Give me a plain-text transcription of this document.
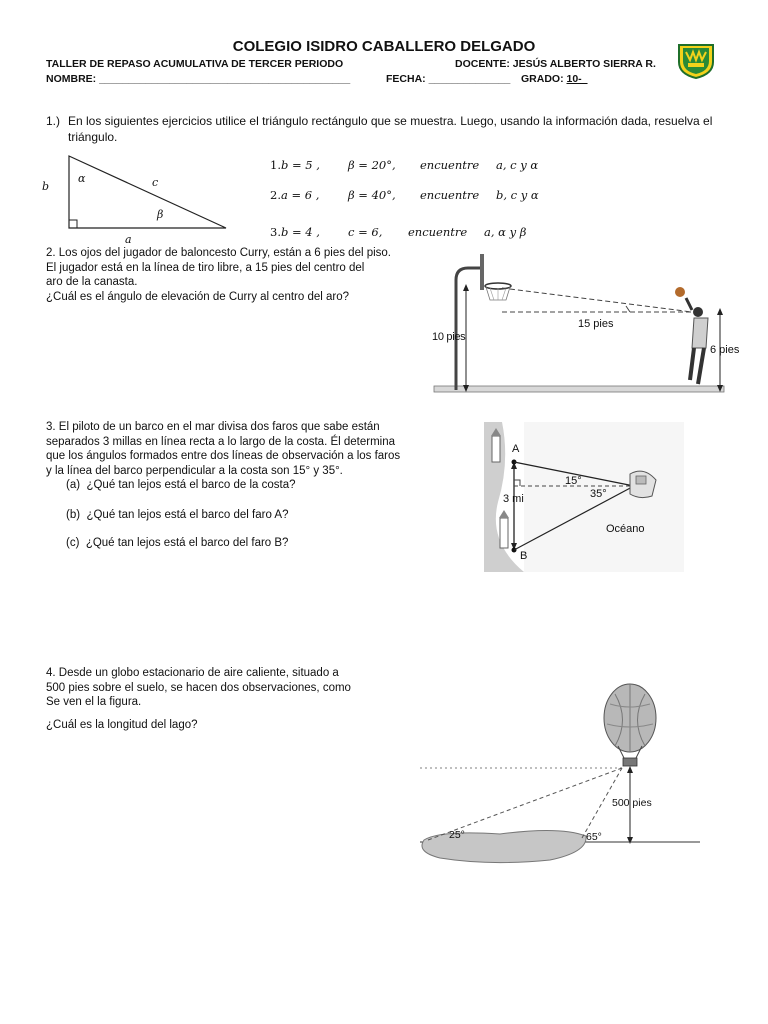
COLEGIO ISIDRO CABALLERO DELGADO
TALLER DE REPASO ACUMULATIVA DE TERCER PERIODO	DOCENTE: JESÚS ALBERTO SIERRA R.
NOMBRE: ___________________________________________	FECHA: ______________ GRADO: 10-_
1.) En los siguientes ejercicios utilice el triángulo rectángulo que se muestra. Luego, usando la información dada, resuelva el triángulo.
α	c
b
β
a
1.b = 5 , β = 20°, encuentre a, c y α
2.a = 6 , β = 40°, encuentre b, c y α
3.b = 4 , c = 6, encuentre a, α y β
2. Los ojos del jugador de baloncesto Curry, están a 6 pies del piso.
El jugador está en la línea de tiro libre, a 15 pies del centro del
aro de la canasta.
¿Cuál es el ángulo de elevación de Curry al centro del aro?
10 pies
15 pies
6 pies
3. El piloto de un barco en el mar divisa dos faros que sabe están
separados 3 millas en línea recta a lo largo de la costa. Él determina
que los ángulos formados entre dos líneas de observación a los faros
y la línea del barco perpendicular a la costa son 15° y 35°.
(a) ¿Qué tan lejos está el barco de la costa?
(b) ¿Qué tan lejos está el barco del faro A?
(c) ¿Qué tan lejos está el barco del faro B?
A
B
3 mi
15°
35°
Océano
4. Desde un globo estacionario de aire caliente, situado a
500 pies sobre el suelo, se hacen dos observaciones, como
Se ven el la figura.
¿Cuál es la longitud del lago?
25°	65°
500 pies
